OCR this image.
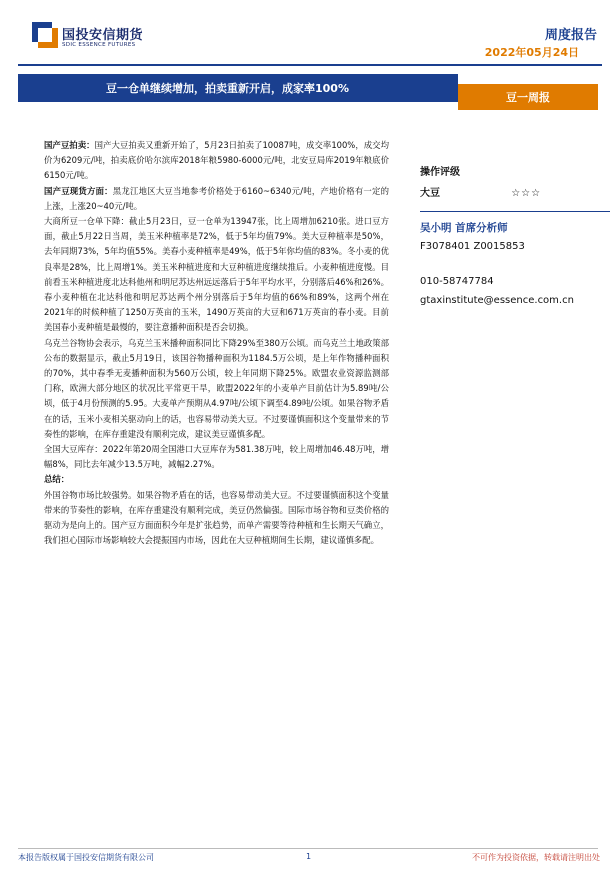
国投安信期货
SDIC ESSENCE FUTURES
周度报告
2022年05月24日
豆一仓单继续增加，拍卖重新开启，成家率100%
豆一周报

国产豆拍卖：国产大豆拍卖又重新开始了，5月23日拍卖了10087吨，成交率100%，成交均价为6209元/吨，拍卖底价哈尔滨库2018年粮5980-6000元/吨，北安豆局库2019年粮底价6150元/吨。

国产豆现货方面：黑龙江地区大豆当地参考价格处于6160~6340元/吨，产地价格有一定的上涨，上涨20~40元/吨。

大商所豆一仓单下降：截止5月23日，豆一仓单为13947张，比上周增加6210张。进口豆方面，截止5月22日当周，美玉米种植率是72%，低于5年均值79%。美大豆种植率是50%，去年同期73%，5年均值55%。美春小麦种植率是49%，低于5年你均值的83%。冬小麦的优良率是28%，比上周增1%。美玉米种植进度和大豆种植进度继续推后。小麦种植进度慢。目前看玉米种植进度北达科他州和明尼苏达州远远落后于5年平均水平，分别落后46%和26%。春小麦种植在北达科他和明尼苏达两个州分别落后于5年均值的66%和89%，这两个州在2021年的时候种植了1250万英亩的玉米，1490万英亩的大豆和671万英亩的春小麦。目前美国春小麦种植是最慢的，要注意播种面积是否会切换。

乌克兰谷物协会表示，乌克兰玉米播种面积同比下降29%至380万公顷。而乌克兰土地政策部公布的数据显示，截止5月19日，该国谷物播种面积为1184.5万公顷，是上年作物播种面积的70%，其中春季无麦播种面积为560万公顷，较上年同期下降25%。欧盟农业资源监测部门称，欧洲大部分地区的状况比平常更干旱，欧盟2022年的小麦单产目前估计为5.89吨/公顷，低于4月份预测的5.95。大麦单产预期从4.97吨/公顷下调至4.89吨/公顷。如果谷物矛盾在的话，玉米小麦相关驱动向上的话，也容易带动美大豆。不过要谨慎面积这个变量带来的节奏性的影响，在库存重建没有顺利完成，建议美豆谨慎多配。

全国大豆库存：2022年第20周全国港口大豆库存为581.38万吨，较上周增加46.48万吨，增幅8%，同比去年减少13.5万吨，减幅2.27%。

总结：

外国谷物市场比较强势。如果谷物矛盾在的话，也容易带动美大豆。不过要谨慎面积这个变量带来的节奏性的影响，在库存重建没有顺利完成，美豆仍然偏强。国际市场谷物和豆类价格的驱动为是向上的。国产豆方面面积今年是扩张趋势，而单产需要等待种植和生长期天气确立，我们担心国际市场影响较大会提振国内市场，因此在大豆种植期间生长期，建议谨慎多配。

操作评级
大豆	☆☆☆
吴小明 首席分析师
F3078401 Z0015853
010-58747784
gtaxinstitute@essence.com.cn
本报告版权属于国投安信期货有限公司	1	不可作为投资依据，转载请注明出处
